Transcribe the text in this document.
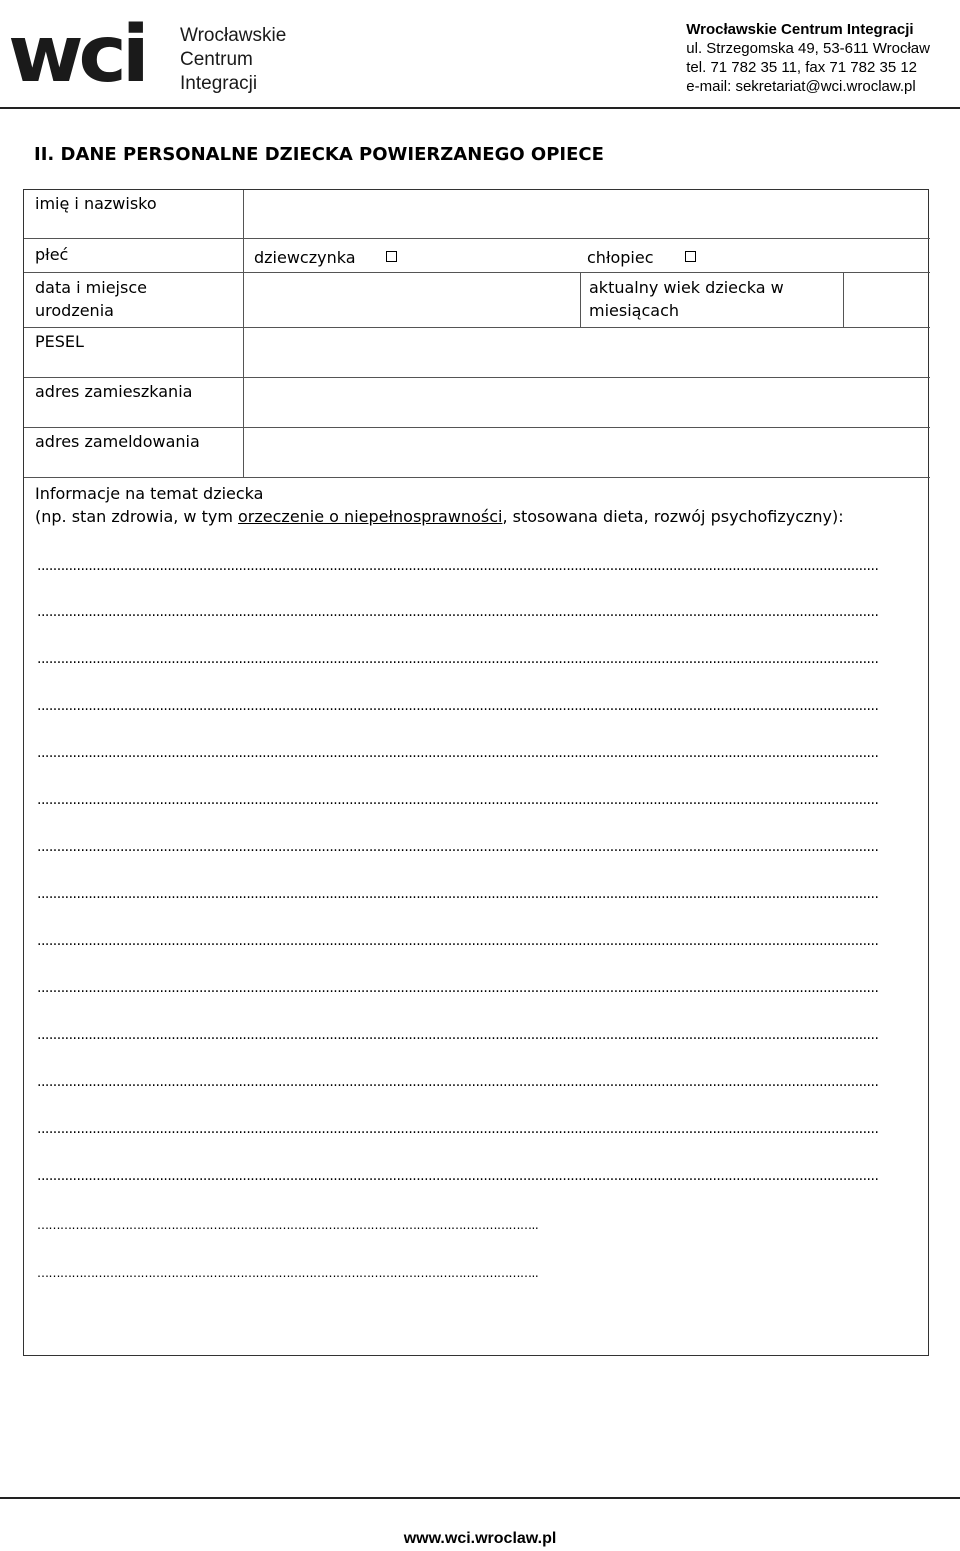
wci Wrocławskie
Centrum
Integracji
Wrocławskie Centrum Integracji
ul. Strzegomska 49, 53-611 Wrocław
tel. 71 782 35 11, fax 71 782 35 12
e-mail: sekretariat@wci.wroclaw.pl
II. DANE PERSONALNE DZIECKA POWIERZANEGO OPIECE
imię i nazwisko
płeć	dziewczynka	chłopiec
data i miejsce
urodzenia
aktualny wiek dziecka w
miesiącach
PESEL
adres zamieszkania
adres zameldowania
Informacje na temat dziecka
(np. stan zdrowia, w tym orzeczenie o niepełnosprawności, stosowana dieta, rozwój psychofizyczny):
.....................................................................................................................................................................................................................
.....................................................................................................................................................................................................................
.....................................................................................................................................................................................................................
.....................................................................................................................................................................................................................
.....................................................................................................................................................................................................................
.....................................................................................................................................................................................................................
.....................................................................................................................................................................................................................
.....................................................................................................................................................................................................................
.....................................................................................................................................................................................................................
.....................................................................................................................................................................................................................
.....................................................................................................................................................................................................................
.....................................................................................................................................................................................................................
.....................................................................................................................................................................................................................
.....................................................................................................................................................................................................................
…………………………………………………………………………………………………………………..
…………………………………………………………………………………………………………………..
www.wci.wroclaw.pl
